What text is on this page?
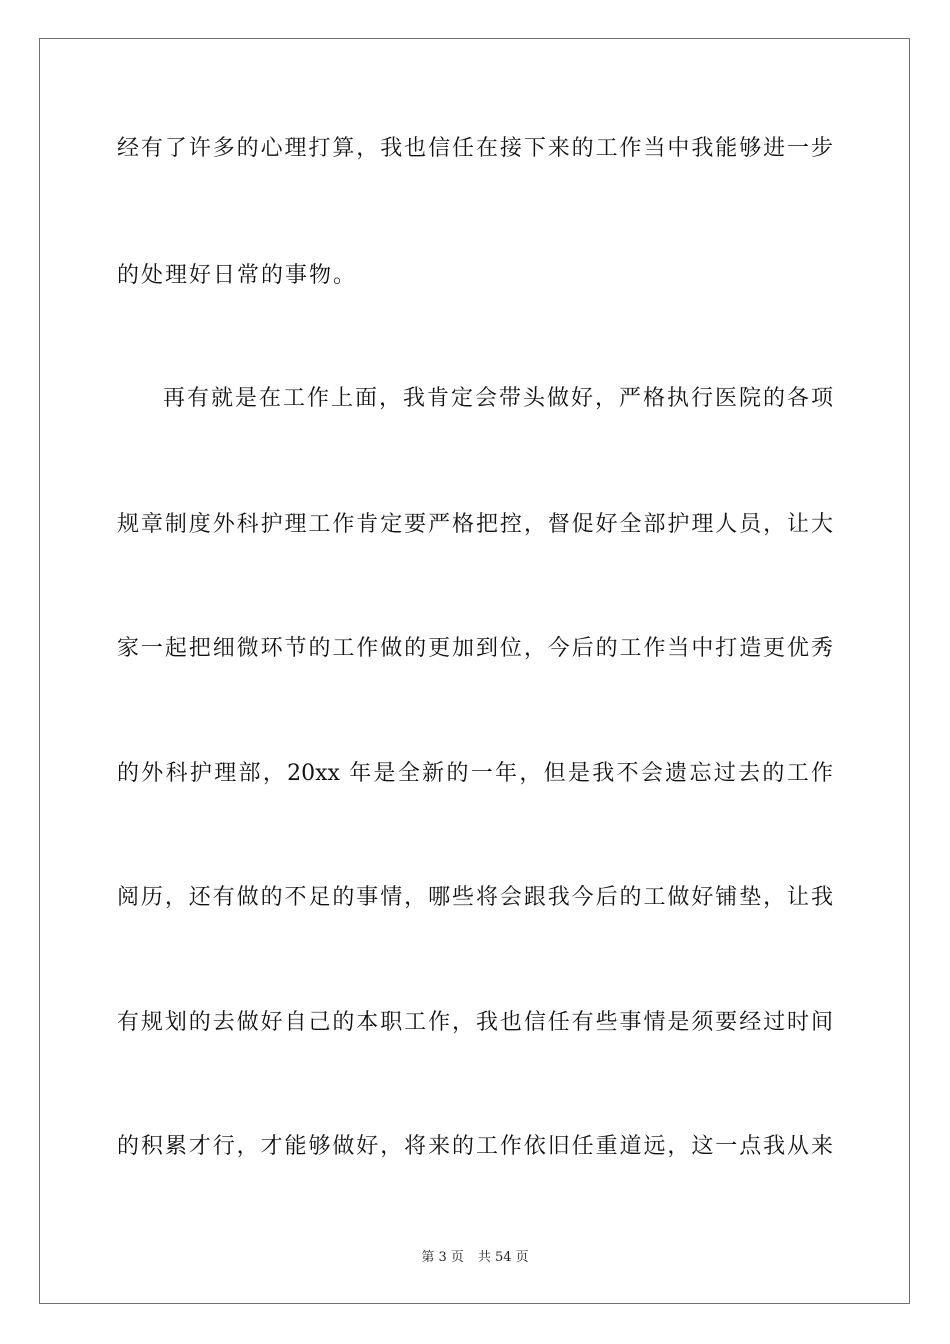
经有了许多的心理打算，我也信任在接下来的工作当中我能够进一步
的处理好日常的事物。
再有就是在工作上面，我肯定会带头做好，严格执行医院的各项
规章制度外科护理工作肯定要严格把控，督促好全部护理人员，让大
家一起把细微环节的工作做的更加到位，今后的工作当中打造更优秀
的外科护理部，20xx 年是全新的一年，但是我不会遗忘过去的工作
阅历，还有做的不足的事情，哪些将会跟我今后的工做好铺垫，让我
有规划的去做好自己的本职工作，我也信任有些事情是须要经过时间
的积累才行，才能够做好，将来的工作依旧任重道远，这一点我从来
第 3 页 共 54 页
